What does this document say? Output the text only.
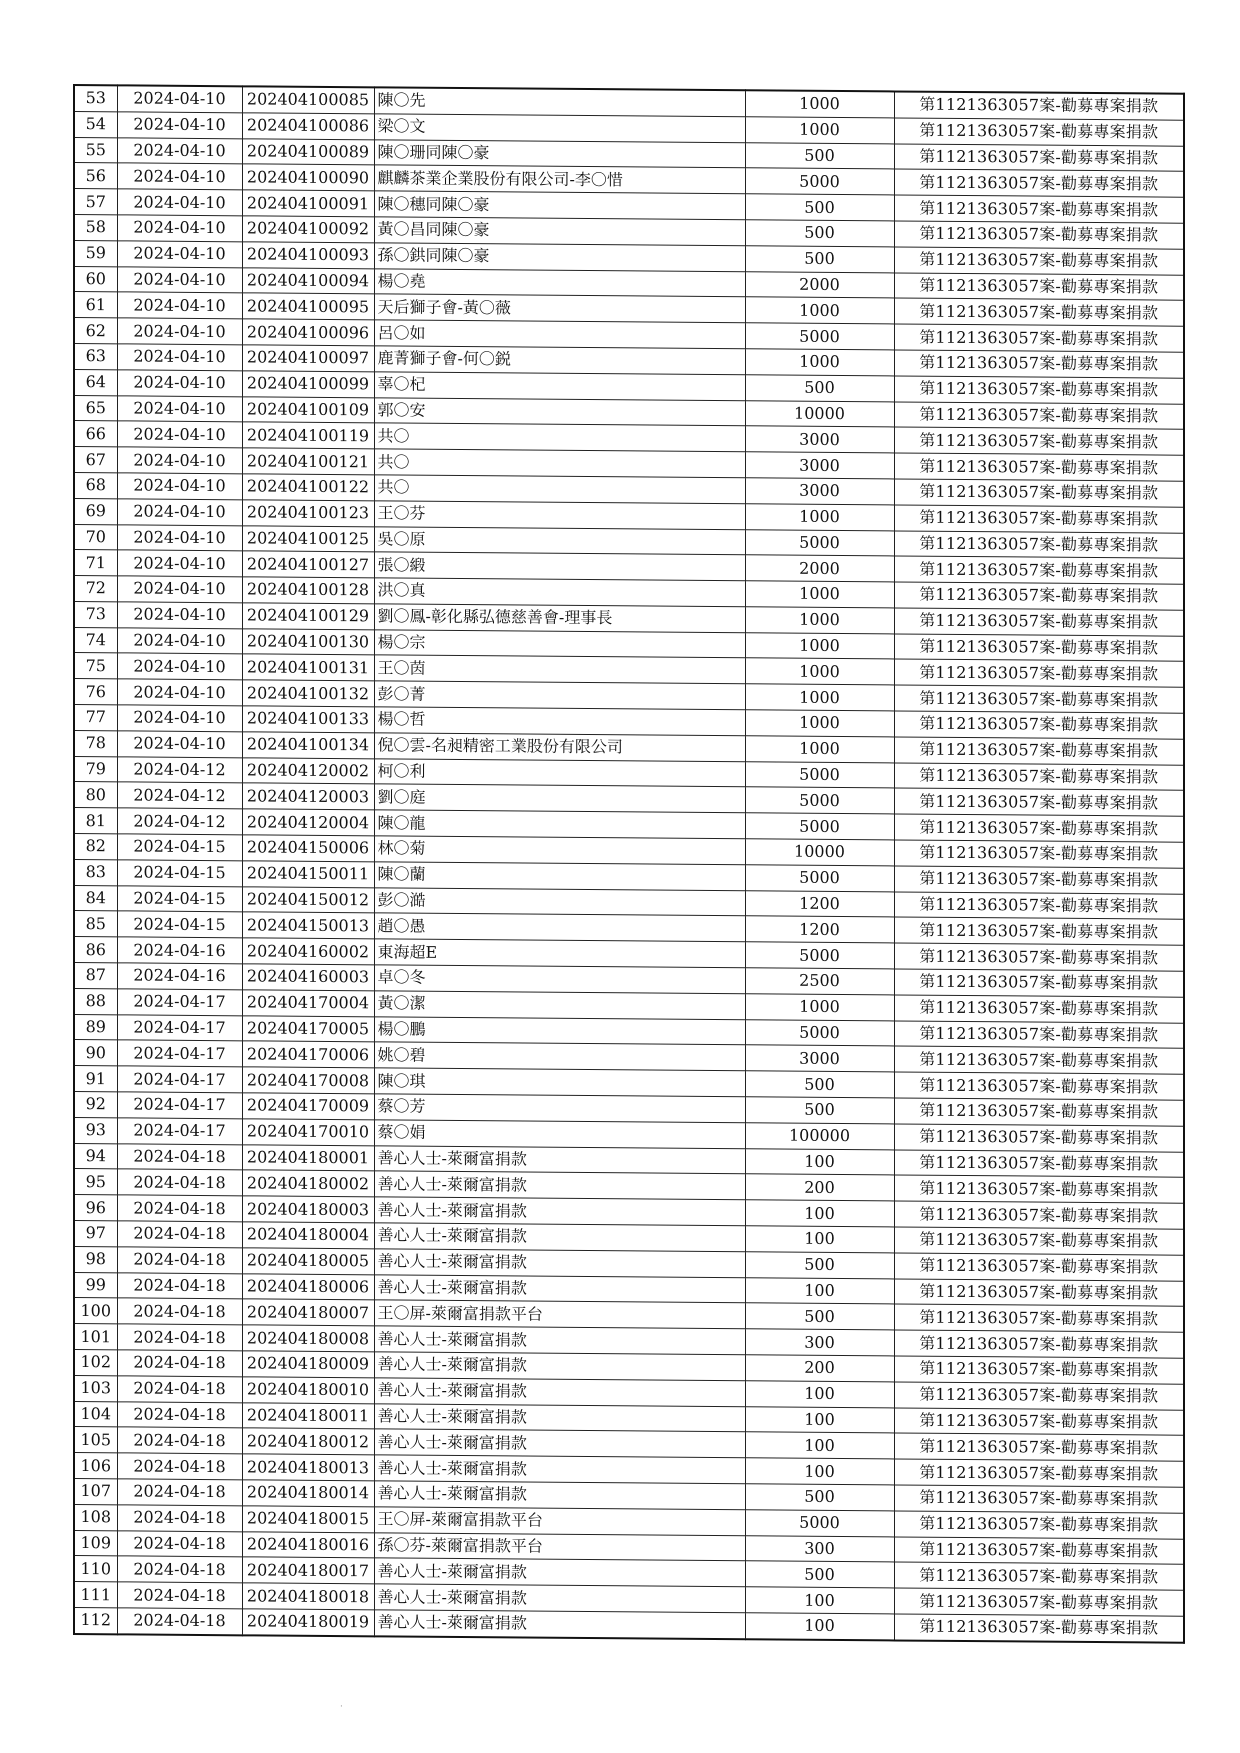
53	2024-04-10	202404100085	陳〇先	1000	第1121363057案-勸募專案捐款
54	2024-04-10	202404100086	梁〇文	1000	第1121363057案-勸募專案捐款
55	2024-04-10	202404100089	陳〇珊同陳〇豪	500	第1121363057案-勸募專案捐款
56	2024-04-10	202404100090	麒麟茶業企業股份有限公司-李〇惜	5000	第1121363057案-勸募專案捐款
57	2024-04-10	202404100091	陳〇穗同陳〇豪	500	第1121363057案-勸募專案捐款
58	2024-04-10	202404100092	黃〇昌同陳〇豪	500	第1121363057案-勸募專案捐款
59	2024-04-10	202404100093	孫〇鉷同陳〇豪	500	第1121363057案-勸募專案捐款
60	2024-04-10	202404100094	楊〇堯	2000	第1121363057案-勸募專案捐款
61	2024-04-10	202404100095	天后獅子會-黃〇薇	1000	第1121363057案-勸募專案捐款
62	2024-04-10	202404100096	呂〇如	5000	第1121363057案-勸募專案捐款
63	2024-04-10	202404100097	鹿菁獅子會-何〇鋭	1000	第1121363057案-勸募專案捐款
64	2024-04-10	202404100099	辜〇杞	500	第1121363057案-勸募專案捐款
65	2024-04-10	202404100109	郭〇安	10000	第1121363057案-勸募專案捐款
66	2024-04-10	202404100119	共〇	3000	第1121363057案-勸募專案捐款
67	2024-04-10	202404100121	共〇	3000	第1121363057案-勸募專案捐款
68	2024-04-10	202404100122	共〇	3000	第1121363057案-勸募專案捐款
69	2024-04-10	202404100123	王〇芬	1000	第1121363057案-勸募專案捐款
70	2024-04-10	202404100125	吳〇原	5000	第1121363057案-勸募專案捐款
71	2024-04-10	202404100127	張〇緞	2000	第1121363057案-勸募專案捐款
72	2024-04-10	202404100128	洪〇真	1000	第1121363057案-勸募專案捐款
73	2024-04-10	202404100129	劉〇鳳-彰化縣弘德慈善會-理事長	1000	第1121363057案-勸募專案捐款
74	2024-04-10	202404100130	楊〇宗	1000	第1121363057案-勸募專案捐款
75	2024-04-10	202404100131	王〇茵	1000	第1121363057案-勸募專案捐款
76	2024-04-10	202404100132	彭〇菁	1000	第1121363057案-勸募專案捐款
77	2024-04-10	202404100133	楊〇哲	1000	第1121363057案-勸募專案捐款
78	2024-04-10	202404100134	倪〇雲-名昶精密工業股份有限公司	1000	第1121363057案-勸募專案捐款
79	2024-04-12	202404120002	柯〇利	5000	第1121363057案-勸募專案捐款
80	2024-04-12	202404120003	劉〇庭	5000	第1121363057案-勸募專案捐款
81	2024-04-12	202404120004	陳〇龍	5000	第1121363057案-勸募專案捐款
82	2024-04-15	202404150006	林〇菊	10000	第1121363057案-勸募專案捐款
83	2024-04-15	202404150011	陳〇蘭	5000	第1121363057案-勸募專案捐款
84	2024-04-15	202404150012	彭〇澔	1200	第1121363057案-勸募專案捐款
85	2024-04-15	202404150013	趙〇愚	1200	第1121363057案-勸募專案捐款
86	2024-04-16	202404160002	東海超E	5000	第1121363057案-勸募專案捐款
87	2024-04-16	202404160003	卓〇冬	2500	第1121363057案-勸募專案捐款
88	2024-04-17	202404170004	黃〇潔	1000	第1121363057案-勸募專案捐款
89	2024-04-17	202404170005	楊〇鵬	5000	第1121363057案-勸募專案捐款
90	2024-04-17	202404170006	姚〇碧	3000	第1121363057案-勸募專案捐款
91	2024-04-17	202404170008	陳〇琪	500	第1121363057案-勸募專案捐款
92	2024-04-17	202404170009	蔡〇芳	500	第1121363057案-勸募專案捐款
93	2024-04-17	202404170010	蔡〇娟	100000	第1121363057案-勸募專案捐款
94	2024-04-18	202404180001	善心人士-萊爾富捐款	100	第1121363057案-勸募專案捐款
95	2024-04-18	202404180002	善心人士-萊爾富捐款	200	第1121363057案-勸募專案捐款
96	2024-04-18	202404180003	善心人士-萊爾富捐款	100	第1121363057案-勸募專案捐款
97	2024-04-18	202404180004	善心人士-萊爾富捐款	100	第1121363057案-勸募專案捐款
98	2024-04-18	202404180005	善心人士-萊爾富捐款	500	第1121363057案-勸募專案捐款
99	2024-04-18	202404180006	善心人士-萊爾富捐款	100	第1121363057案-勸募專案捐款
100	2024-04-18	202404180007	王〇屏-萊爾富捐款平台	500	第1121363057案-勸募專案捐款
101	2024-04-18	202404180008	善心人士-萊爾富捐款	300	第1121363057案-勸募專案捐款
102	2024-04-18	202404180009	善心人士-萊爾富捐款	200	第1121363057案-勸募專案捐款
103	2024-04-18	202404180010	善心人士-萊爾富捐款	100	第1121363057案-勸募專案捐款
104	2024-04-18	202404180011	善心人士-萊爾富捐款	100	第1121363057案-勸募專案捐款
105	2024-04-18	202404180012	善心人士-萊爾富捐款	100	第1121363057案-勸募專案捐款
106	2024-04-18	202404180013	善心人士-萊爾富捐款	100	第1121363057案-勸募專案捐款
107	2024-04-18	202404180014	善心人士-萊爾富捐款	500	第1121363057案-勸募專案捐款
108	2024-04-18	202404180015	王〇屏-萊爾富捐款平台	5000	第1121363057案-勸募專案捐款
109	2024-04-18	202404180016	孫〇芬-萊爾富捐款平台	300	第1121363057案-勸募專案捐款
110	2024-04-18	202404180017	善心人士-萊爾富捐款	500	第1121363057案-勸募專案捐款
111	2024-04-18	202404180018	善心人士-萊爾富捐款	100	第1121363057案-勸募專案捐款
112	2024-04-18	202404180019	善心人士-萊爾富捐款	100	第1121363057案-勸募專案捐款
·
